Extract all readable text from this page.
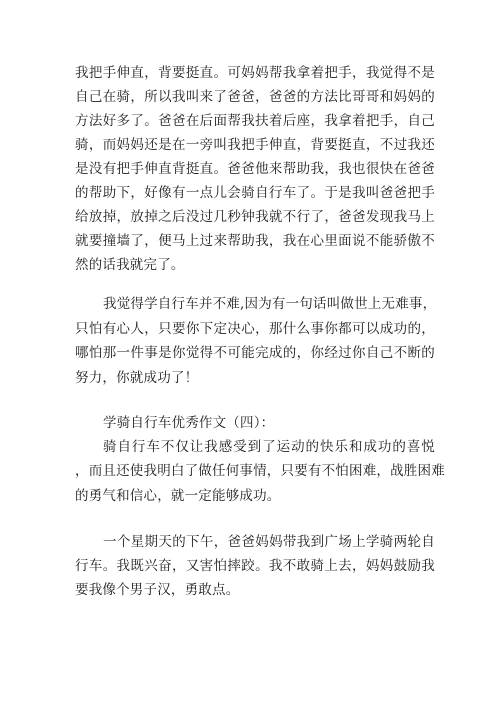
我把手伸直，背要挺直。可妈妈帮我拿着把手，我觉得不是
自己在骑，所以我叫来了爸爸，爸爸的方法比哥哥和妈妈的
方法好多了。爸爸在后面帮我扶着后座，我拿着把手，自己
骑，而妈妈还是在一旁叫我把手伸直，背要挺直，不过我还
是没有把手伸直背挺直。爸爸他来帮助我，我也很快在爸爸
的帮助下，好像有一点儿会骑自行车了。于是我叫爸爸把手
给放掉，放掉之后没过几秒钟我就不行了，爸爸发现我马上
就要撞墙了，便马上过来帮助我，我在心里面说不能骄傲不
然的话我就完了。
我觉得学自行车并不难,因为有一句话叫做世上无难事，
只怕有心人，只要你下定决心，那什么事你都可以成功的，
哪怕那一件事是你觉得不可能完成的，你经过你自己不断的
努力，你就成功了！
学骑自行车优秀作文（四）：
骑自行车不仅让我感受到了运动的快乐和成功的喜悦
，而且还使我明白了做任何事情，只要有不怕困难，战胜困难
的勇气和信心，就一定能够成功。
一个星期天的下午，爸爸妈妈带我到广场上学骑两轮自
行车。我既兴奋，又害怕摔跤。我不敢骑上去，妈妈鼓励我
要我像个男子汉，勇敢点。
